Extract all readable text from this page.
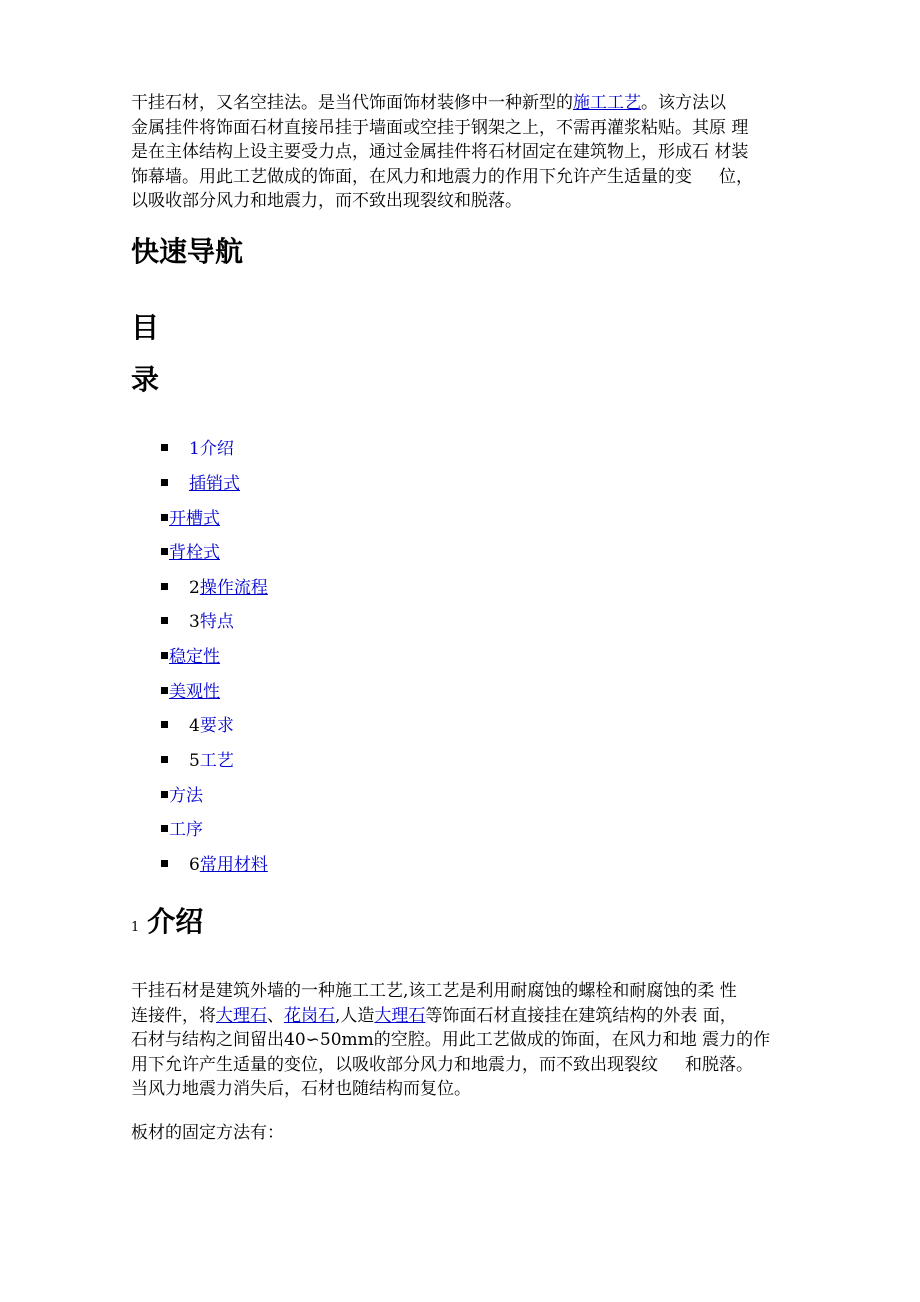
干挂石材，又名空挂法。是当代饰面饰材装修中一种新型的施工工艺。该方法以
金属挂件将饰面石材直接吊挂于墙面或空挂于钢架之上，不需再灌浆粘贴。其原 理
是在主体结构上设主要受力点，通过金属挂件将石材固定在建筑物上，形成石 材装
饰幕墙。用此工艺做成的饰面，在风力和地震力的作用下允许产生适量的变     位，
以吸收部分风力和地震力，而不致出现裂纹和脱落。

快速导航
目
录
1介绍
插销式
开槽式
背栓式
2操作流程
3特点
稳定性
美观性
4要求
5工艺
方法
工序
6常用材料
1 介绍

干挂石材是建筑外墙的一种施工工艺,该工艺是利用耐腐蚀的螺栓和耐腐蚀的柔 性
连接件，将大理石、花岗石,人造大理石等饰面石材直接挂在建筑结构的外表 面，
石材与结构之间留出40∽50mm的空腔。用此工艺做成的饰面，在风力和地 震力的作
用下允许产生适量的变位，以吸收部分风力和地震力，而不致出现裂纹     和脱落。
当风力地震力消失后，石材也随结构而复位。

板材的固定方法有：
